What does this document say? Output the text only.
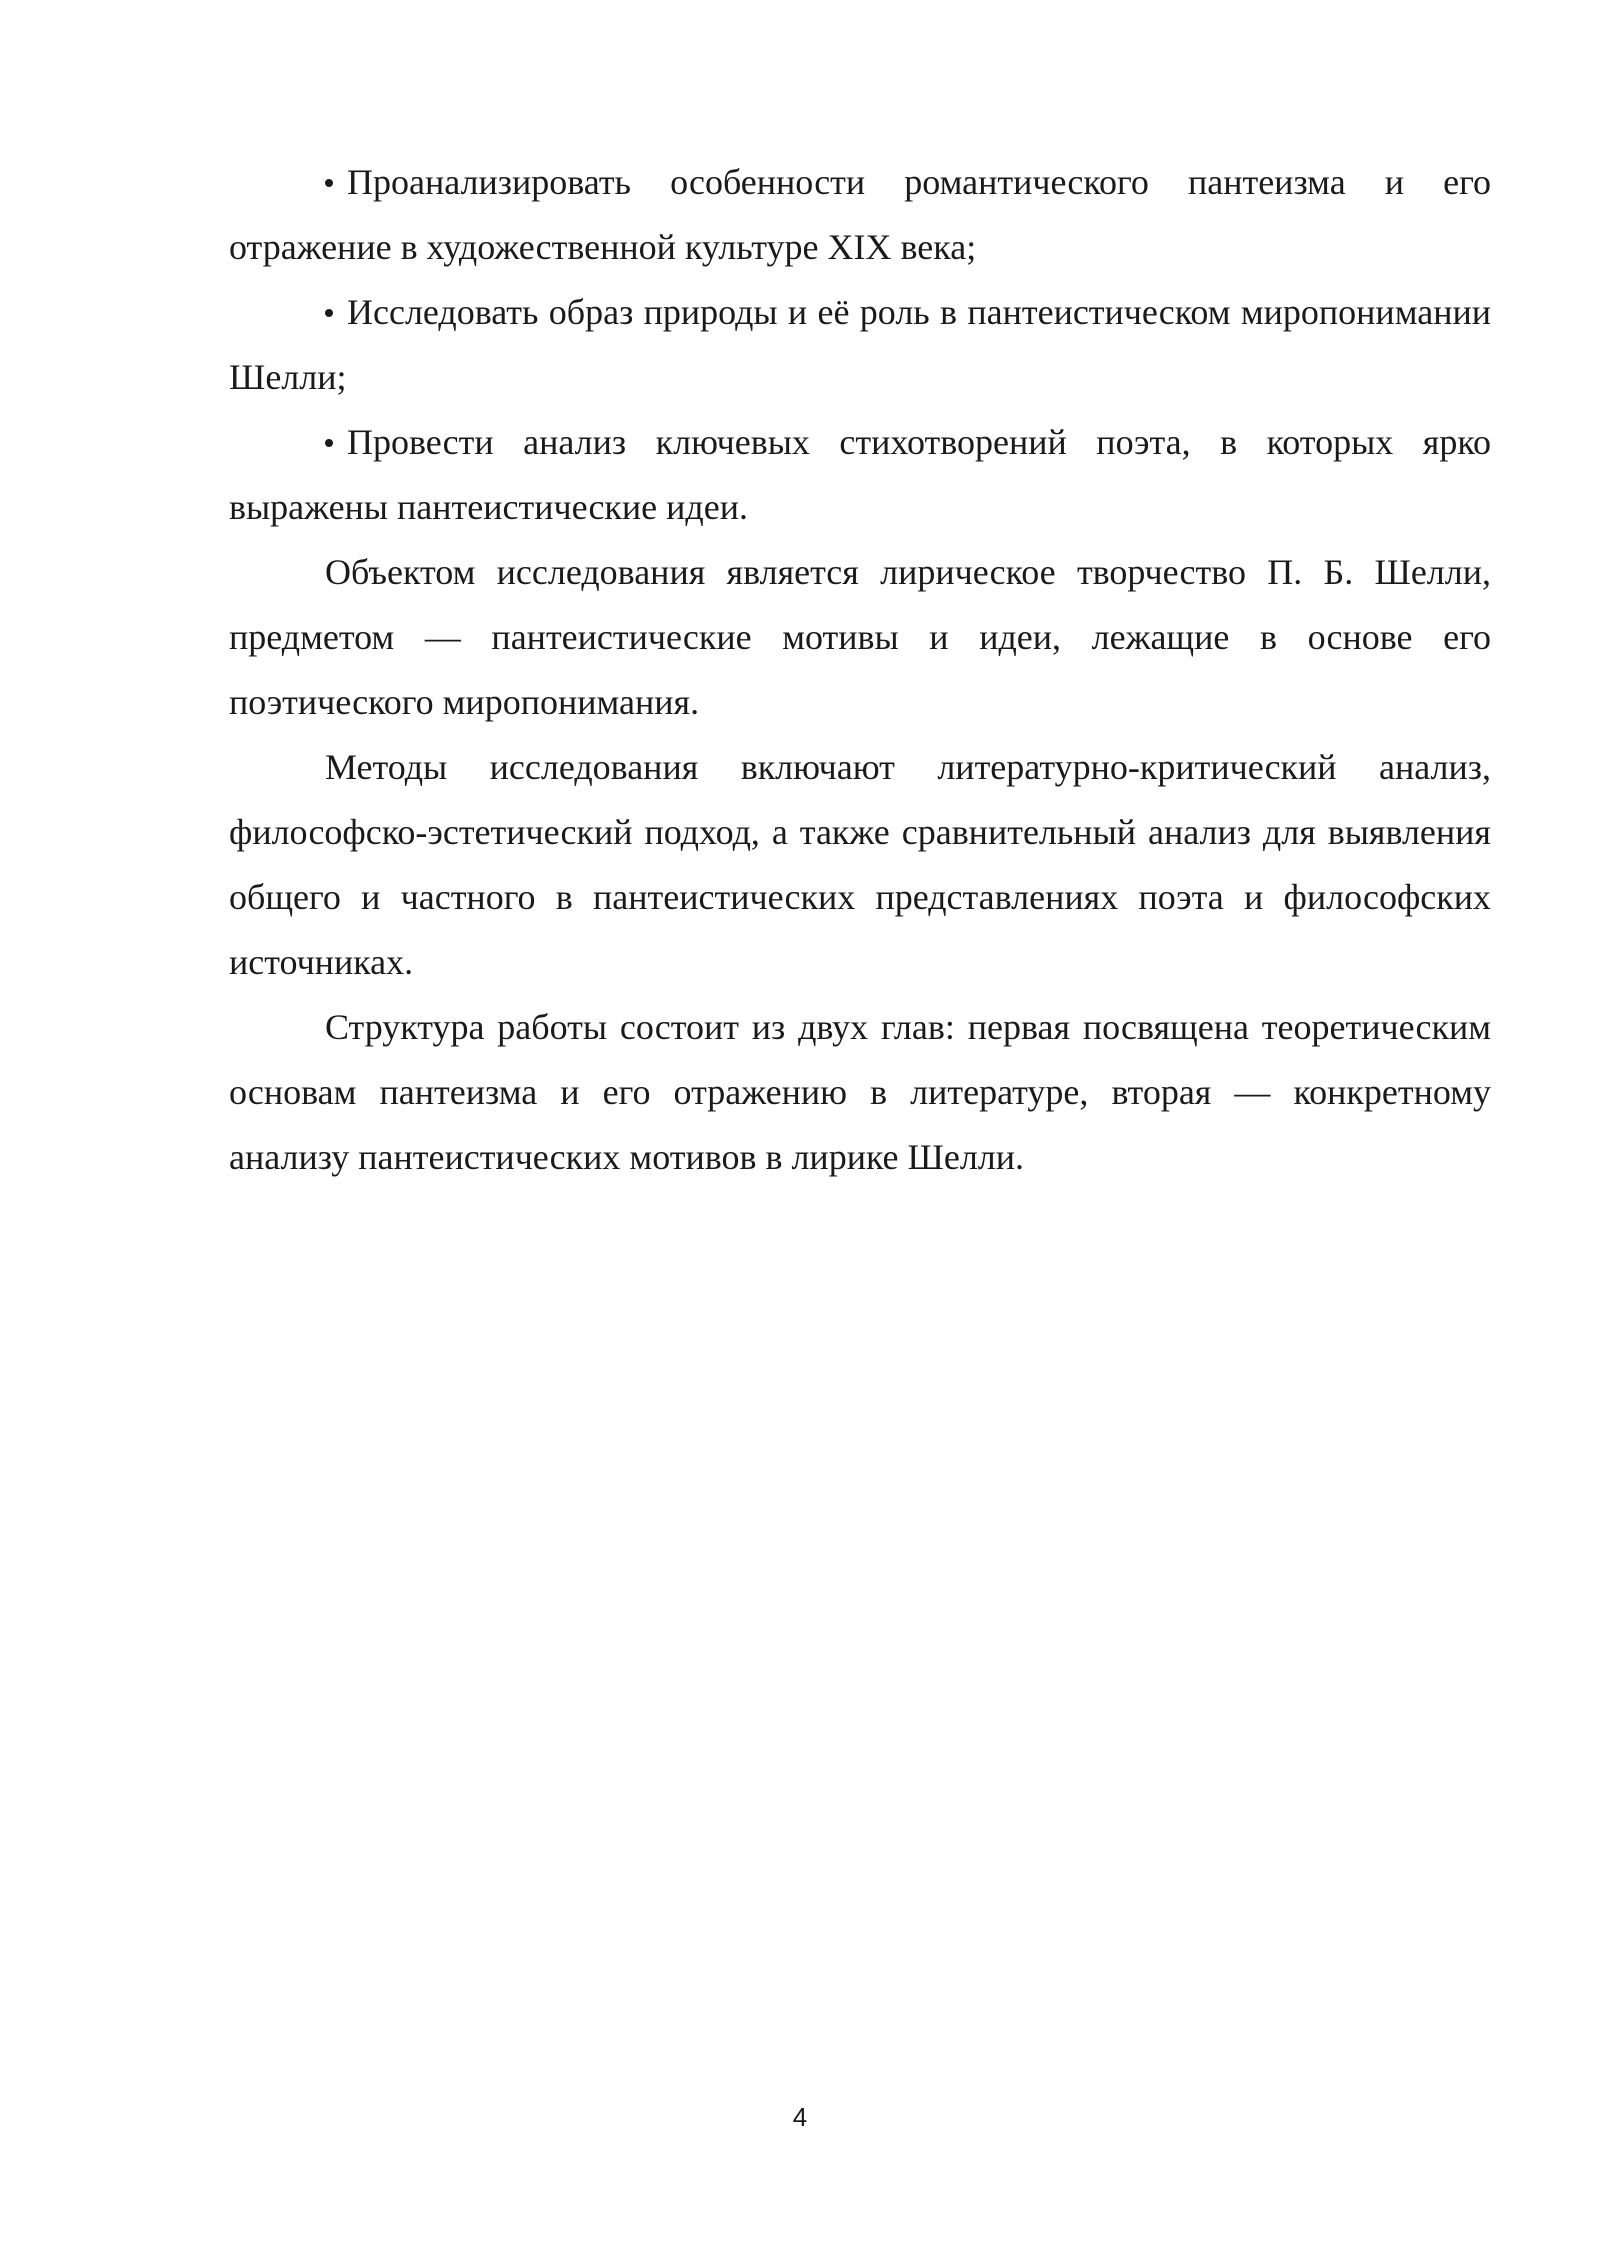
Проанализировать особенности романтического пантеизма и его отражение в художественной культуре XIX века;

Исследовать образ природы и её роль в пантеистическом миропонимании Шелли;

Провести анализ ключевых стихотворений поэта, в которых ярко выражены пантеистические идеи.

Объектом исследования является лирическое творчество П. Б. Шелли, предметом — пантеистические мотивы и идеи, лежащие в основе его поэтического миропонимания.

Методы исследования включают литературно-критический анализ, философско-эстетический подход, а также сравнительный анализ для выявления общего и частного в пантеистических представлениях поэта и философских источниках.

Структура работы состоит из двух глав: первая посвящена теоретическим основам пантеизма и его отражению в литературе, вторая — конкретному анализу пантеистических мотивов в лирике Шелли.

4
